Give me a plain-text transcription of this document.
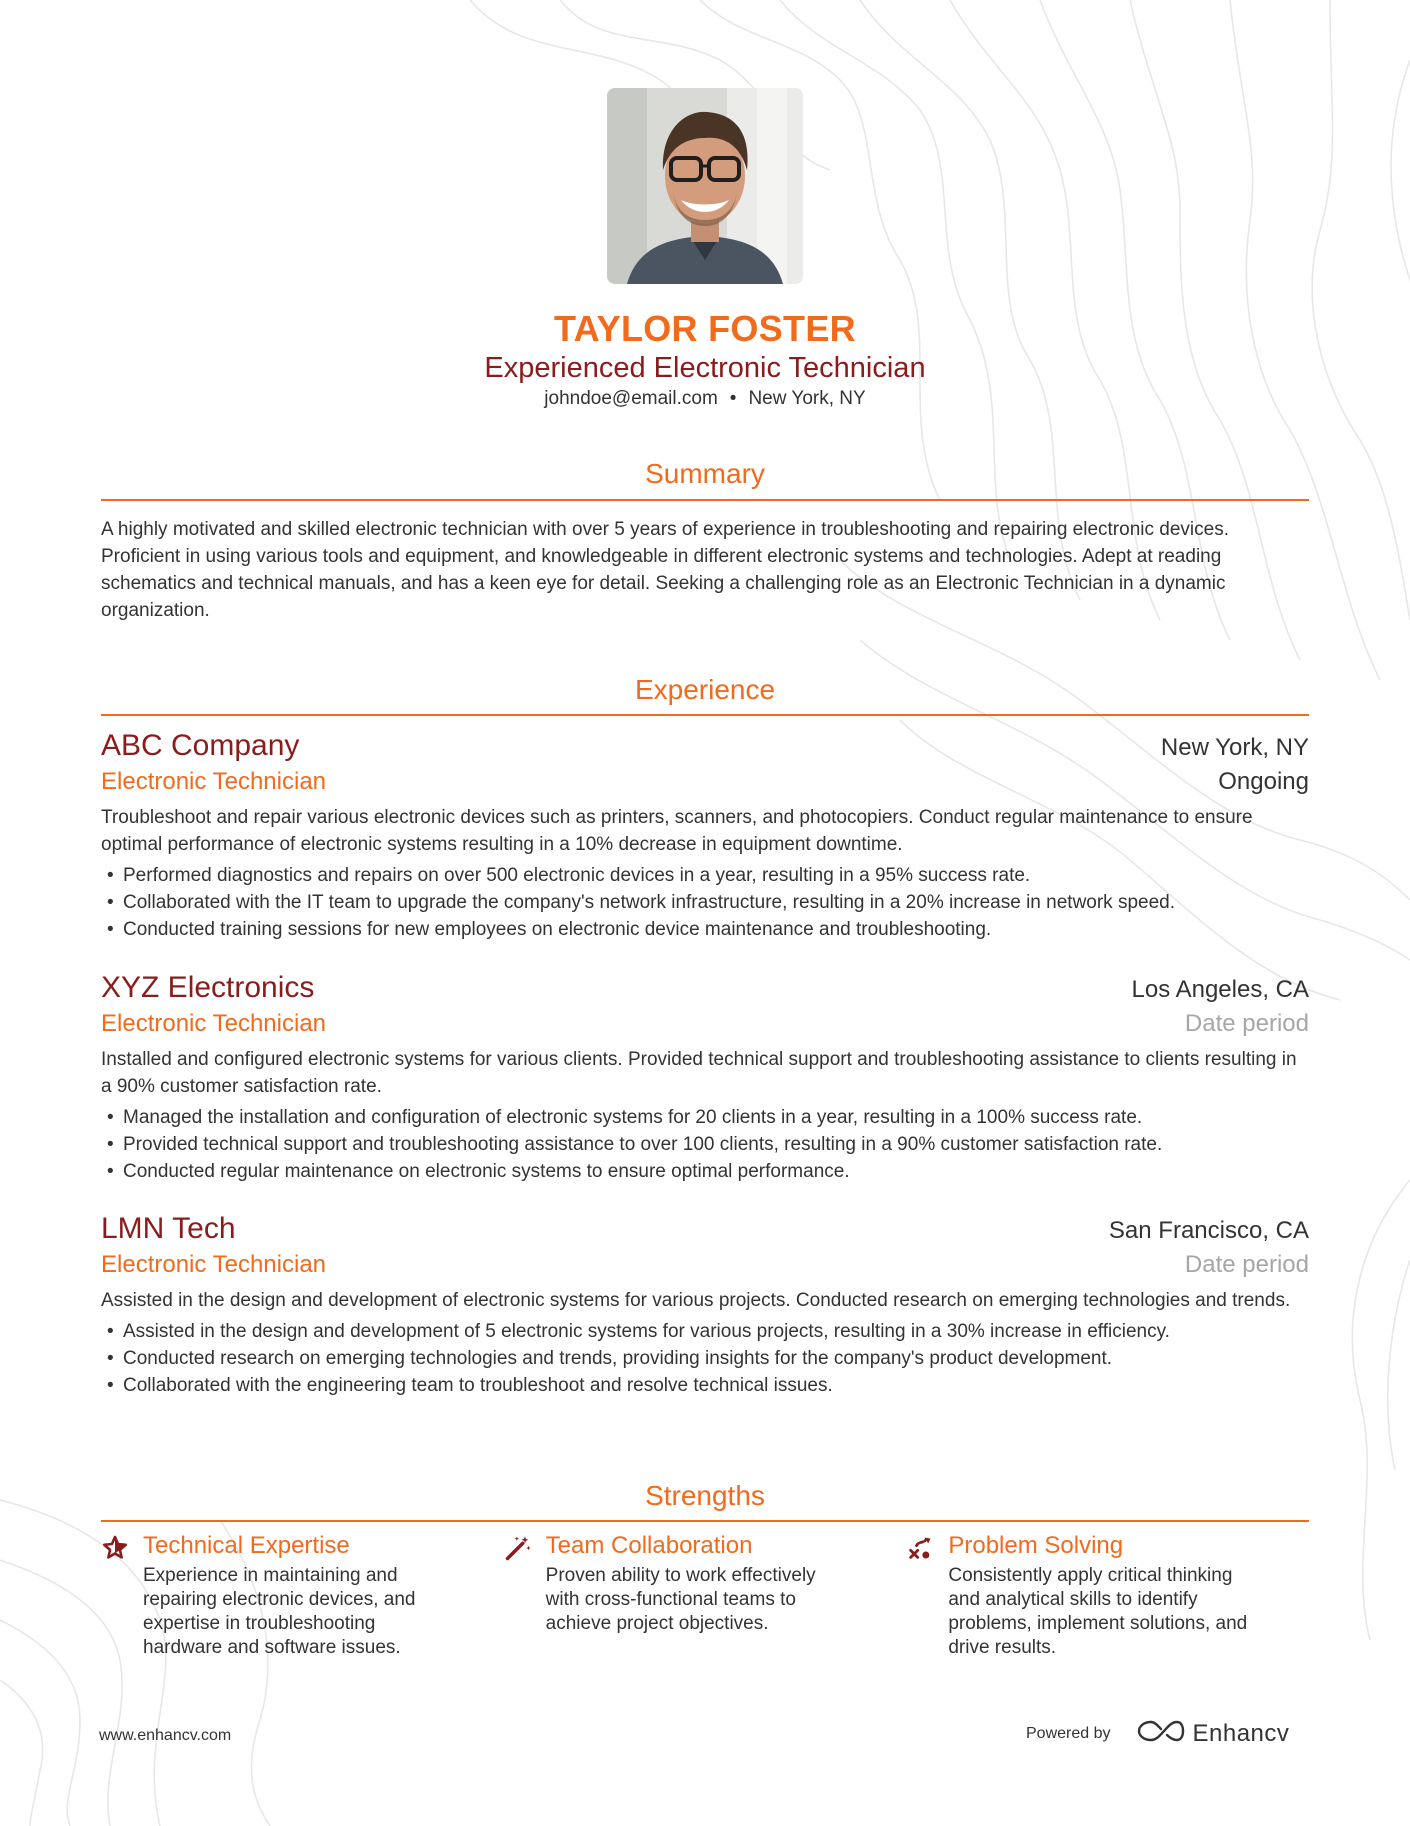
TAYLOR FOSTER
Experienced Electronic Technician
johndoe@email.com • New York, NY
Summary
A highly motivated and skilled electronic technician with over 5 years of experience in troubleshooting and repairing electronic devices. Proficient in using various tools and equipment, and knowledgeable in different electronic systems and technologies. Adept at reading schematics and technical manuals, and has a keen eye for detail. Seeking a challenging role as an Electronic Technician in a dynamic organization.
Experience
ABC Company	New York, NY
Electronic Technician	Ongoing
Troubleshoot and repair various electronic devices such as printers, scanners, and photocopiers. Conduct regular maintenance to ensure optimal performance of electronic systems resulting in a 10% decrease in equipment downtime.
• Performed diagnostics and repairs on over 500 electronic devices in a year, resulting in a 95% success rate.
• Collaborated with the IT team to upgrade the company's network infrastructure, resulting in a 20% increase in network speed.
• Conducted training sessions for new employees on electronic device maintenance and troubleshooting.
XYZ Electronics	Los Angeles, CA
Electronic Technician	Date period
Installed and configured electronic systems for various clients. Provided technical support and troubleshooting assistance to clients resulting in a 90% customer satisfaction rate.
• Managed the installation and configuration of electronic systems for 20 clients in a year, resulting in a 100% success rate.
• Provided technical support and troubleshooting assistance to over 100 clients, resulting in a 90% customer satisfaction rate.
• Conducted regular maintenance on electronic systems to ensure optimal performance.
LMN Tech	San Francisco, CA
Electronic Technician	Date period
Assisted in the design and development of electronic systems for various projects. Conducted research on emerging technologies and trends.
• Assisted in the design and development of 5 electronic systems for various projects, resulting in a 30% increase in efficiency.
• Conducted research on emerging technologies and trends, providing insights for the company's product development.
• Collaborated with the engineering team to troubleshoot and resolve technical issues.
Strengths
Technical Expertise
Experience in maintaining and repairing electronic devices, and expertise in troubleshooting hardware and software issues.
Team Collaboration
Proven ability to work effectively with cross-functional teams to achieve project objectives.
Problem Solving
Consistently apply critical thinking and analytical skills to identify problems, implement solutions, and drive results.
www.enhancv.com	Powered by	Enhancv
